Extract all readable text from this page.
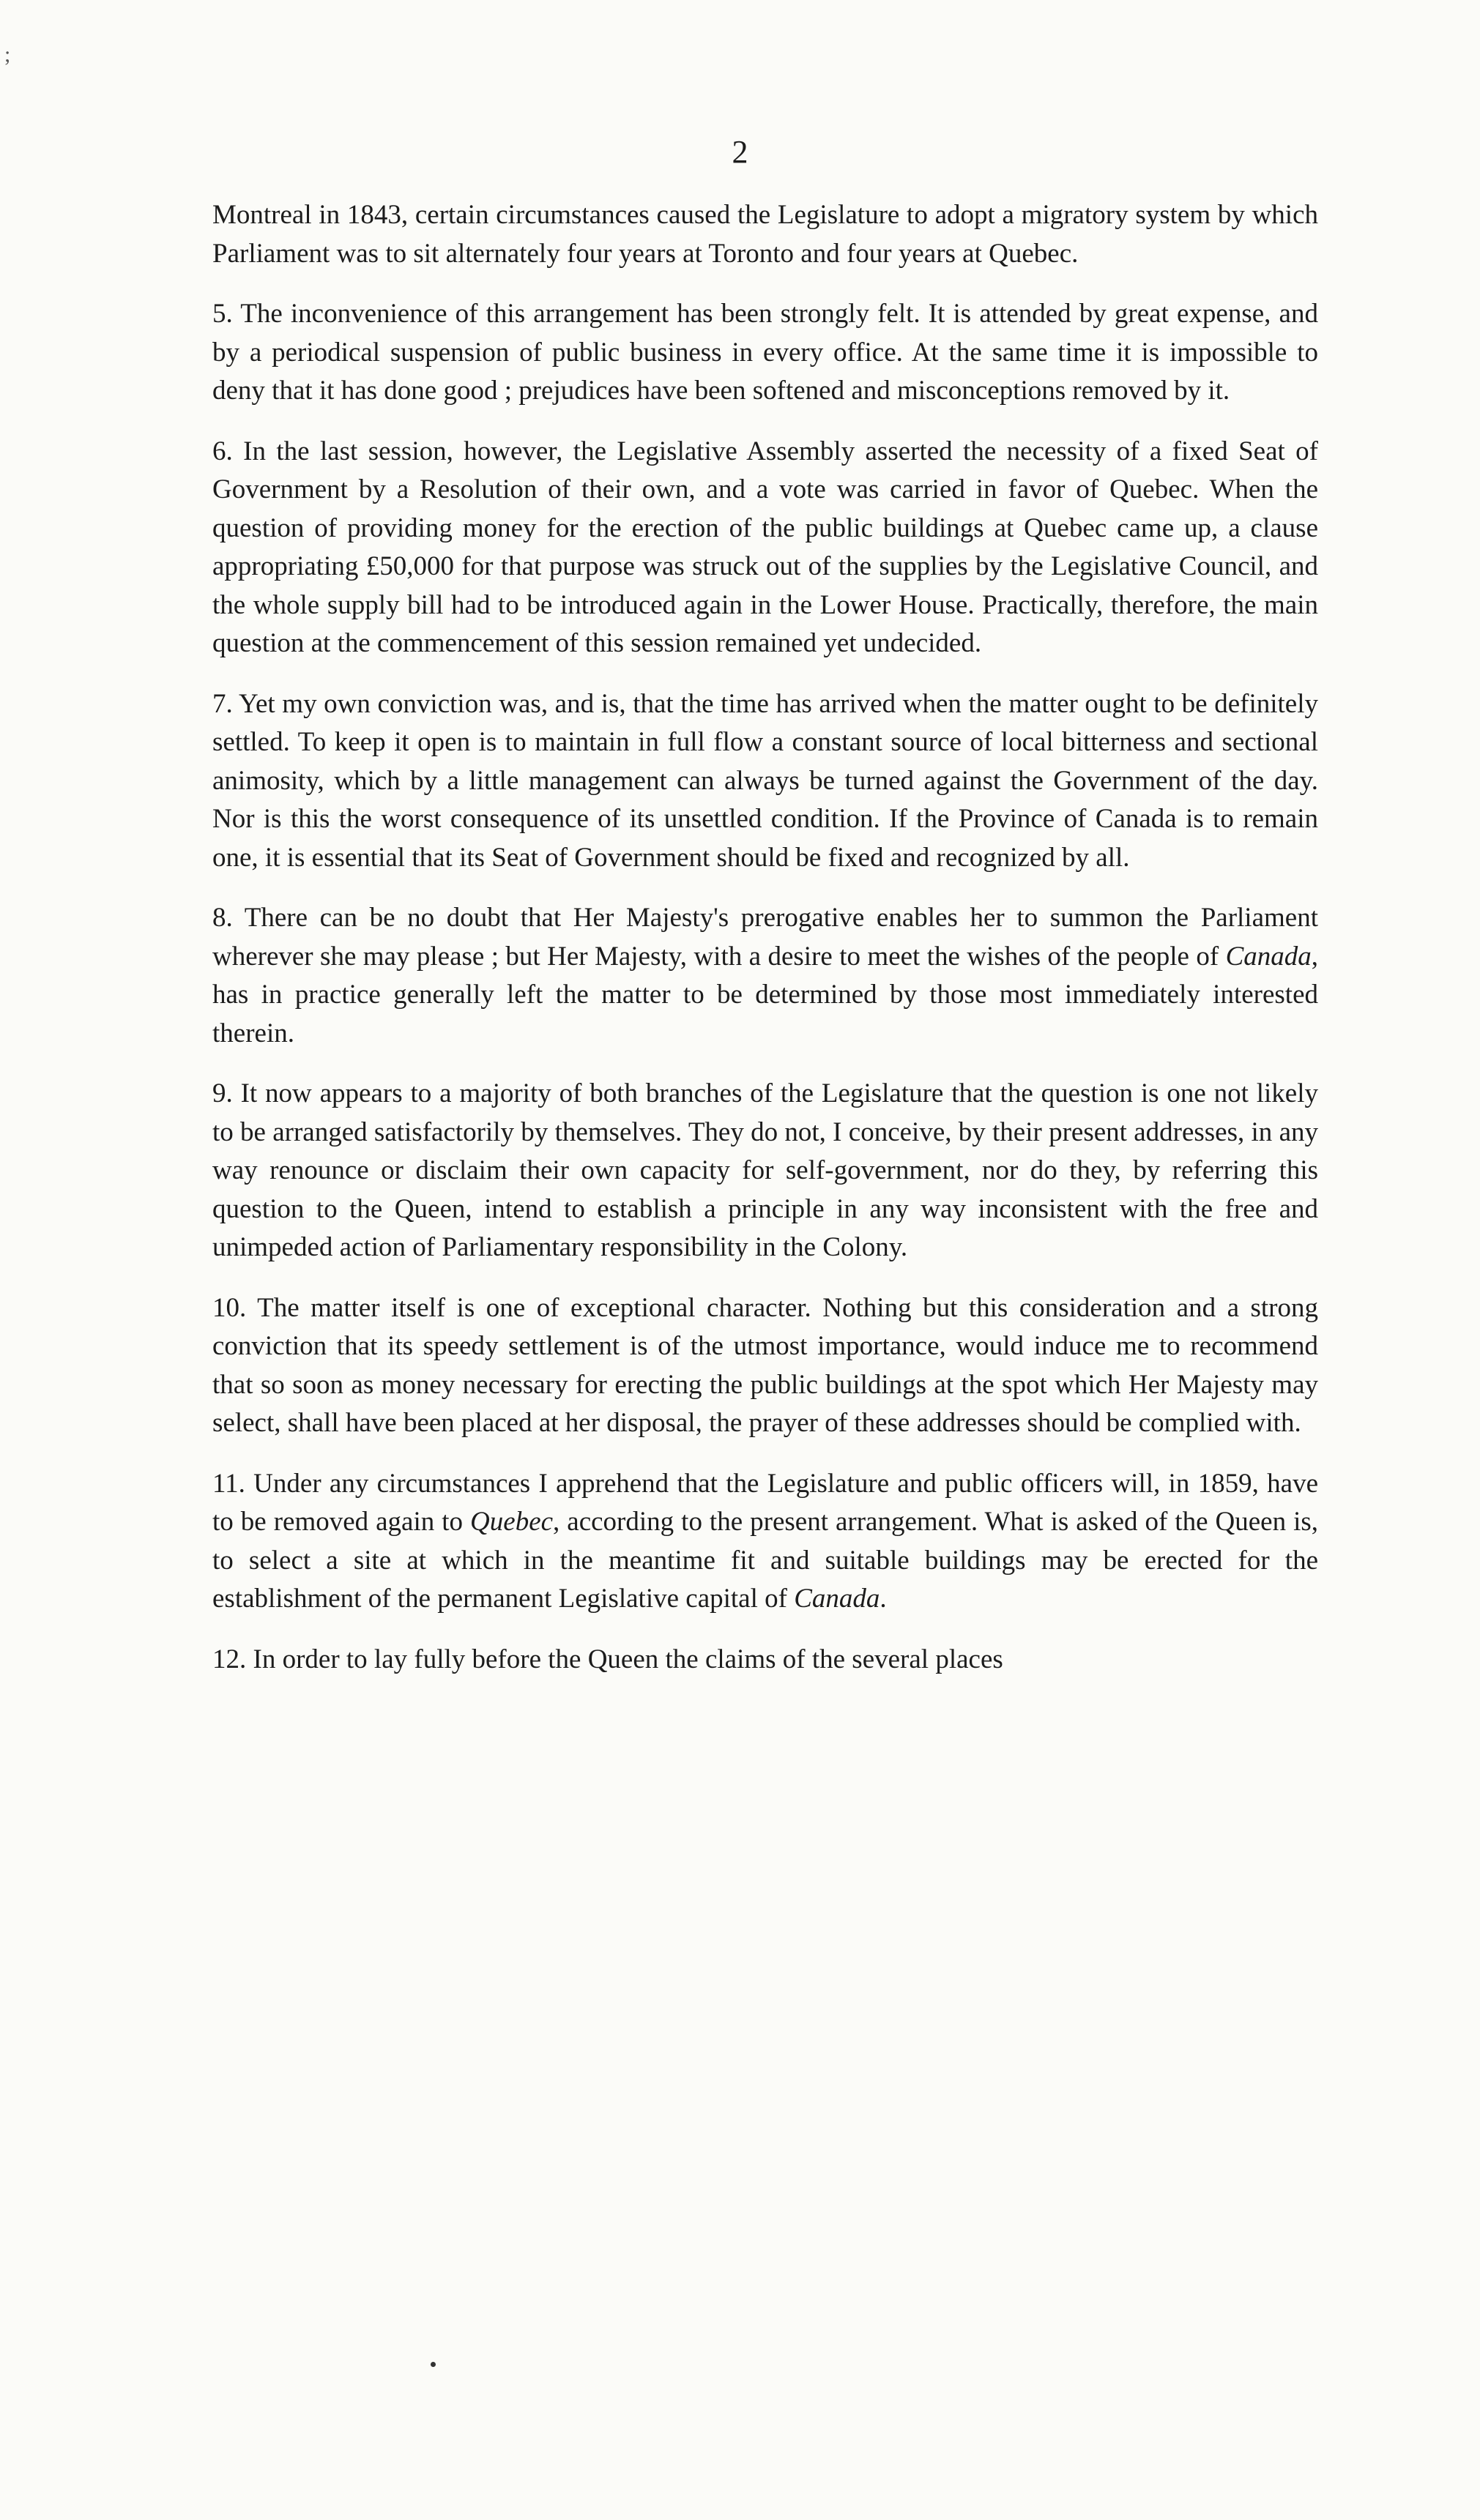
;
2

Montreal in 1843, certain circumstances caused the Legislature to adopt a migratory system by which Parliament was to sit alternately four years at Toronto and four years at Quebec.

5. The inconvenience of this arrangement has been strongly felt. It is attended by great expense, and by a periodical suspension of public business in every office. At the same time it is impossible to deny that it has done good ; prejudices have been softened and misconceptions removed by it.

6. In the last session, however, the Legislative Assembly asserted the necessity of a fixed Seat of Government by a Resolution of their own, and a vote was carried in favor of Quebec. When the question of providing money for the erection of the public buildings at Quebec came up, a clause appropriating £50,000 for that purpose was struck out of the supplies by the Legislative Council, and the whole supply bill had to be introduced again in the Lower House. Practically, therefore, the main question at the commencement of this session remained yet undecided.

7. Yet my own conviction was, and is, that the time has arrived when the matter ought to be definitely settled. To keep it open is to maintain in full flow a constant source of local bitterness and sectional animosity, which by a little management can always be turned against the Government of the day. Nor is this the worst consequence of its unsettled condition. If the Province of Canada is to remain one, it is essential that its Seat of Government should be fixed and recognized by all.

8. There can be no doubt that Her Majesty's prerogative enables her to summon the Parliament wherever she may please ; but Her Majesty, with a desire to meet the wishes of the people of Canada, has in practice generally left the matter to be determined by those most immediately interested therein.

9. It now appears to a majority of both branches of the Legislature that the question is one not likely to be arranged satisfactorily by themselves. They do not, I conceive, by their present addresses, in any way renounce or disclaim their own capacity for self-government, nor do they, by referring this question to the Queen, intend to establish a principle in any way inconsistent with the free and unimpeded action of Parliamentary responsibility in the Colony.

10. The matter itself is one of exceptional character. Nothing but this consideration and a strong conviction that its speedy settlement is of the utmost importance, would induce me to recommend that so soon as money necessary for erecting the public buildings at the spot which Her Majesty may select, shall have been placed at her disposal, the prayer of these addresses should be complied with.

11. Under any circumstances I apprehend that the Legislature and public officers will, in 1859, have to be removed again to Quebec, according to the present arrangement. What is asked of the Queen is, to select a site at which in the meantime fit and suitable buildings may be erected for the establishment of the permanent Legislative capital of Canada.

12. In order to lay fully before the Queen the claims of the several places
